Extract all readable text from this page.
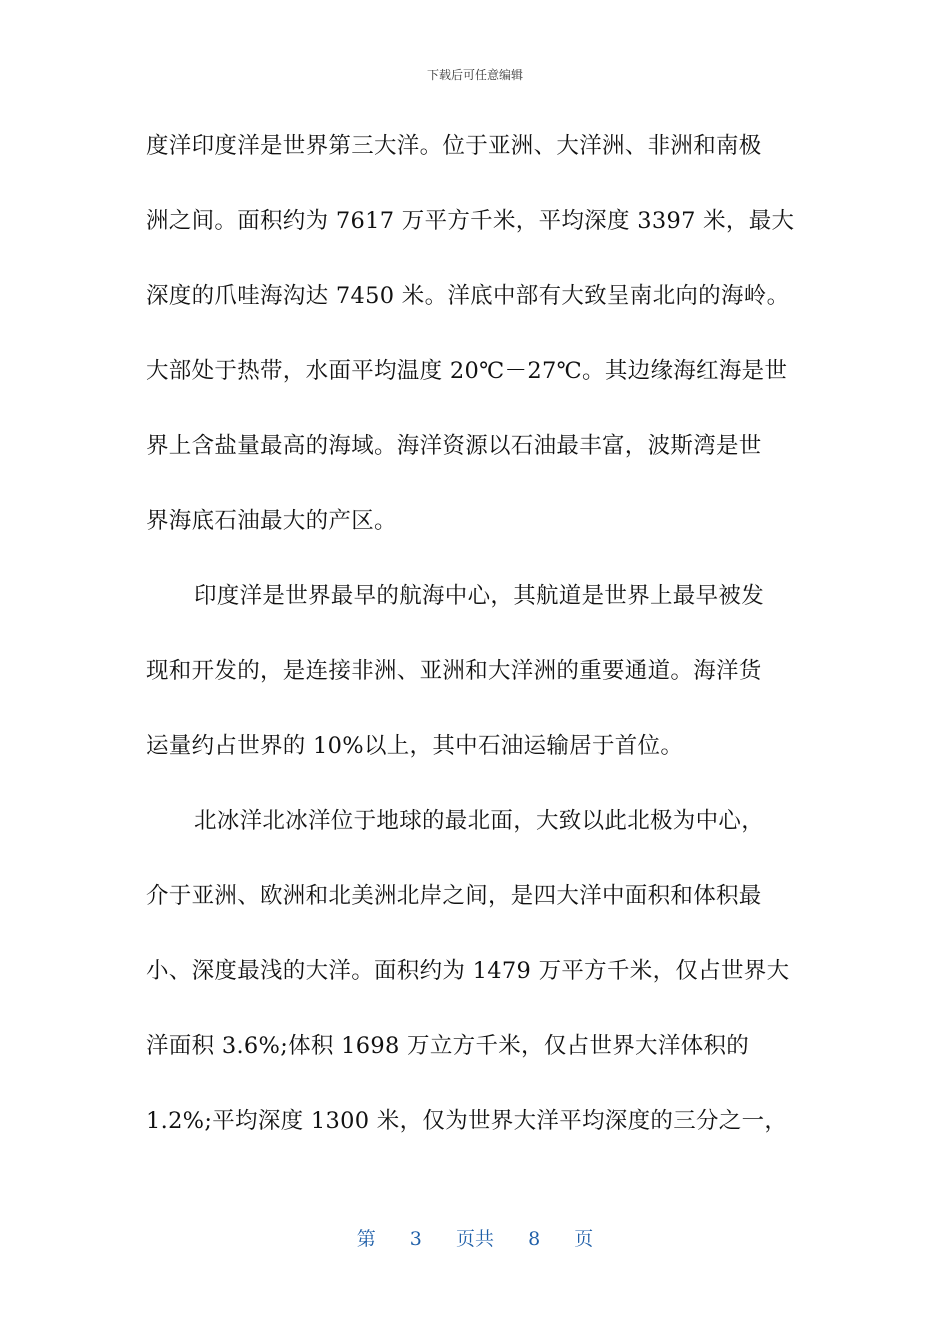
下载后可任意编辑
度洋印度洋是世界第三大洋。位于亚洲、大洋洲、非洲和南极
洲之间。面积约为 7617 万平方千米，平均深度 3397 米，最大
深度的爪哇海沟达 7450 米。洋底中部有大致呈南北向的海岭。
大部处于热带，水面平均温度 20℃－27℃。其边缘海红海是世
界上含盐量最高的海域。海洋资源以石油最丰富，波斯湾是世
界海底石油最大的产区。
印度洋是世界最早的航海中心，其航道是世界上最早被发
现和开发的，是连接非洲、亚洲和大洋洲的重要通道。海洋货
运量约占世界的 10%以上，其中石油运输居于首位。
北冰洋北冰洋位于地球的最北面，大致以此北极为中心，
介于亚洲、欧洲和北美洲北岸之间，是四大洋中面积和体积最
小、深度最浅的大洋。面积约为 1479 万平方千米，仅占世界大
洋面积 3.6%;体积 1698 万立方千米，仅占世界大洋体积的
1.2%;平均深度 1300 米，仅为世界大洋平均深度的三分之一，
第 3 页共 8 页
